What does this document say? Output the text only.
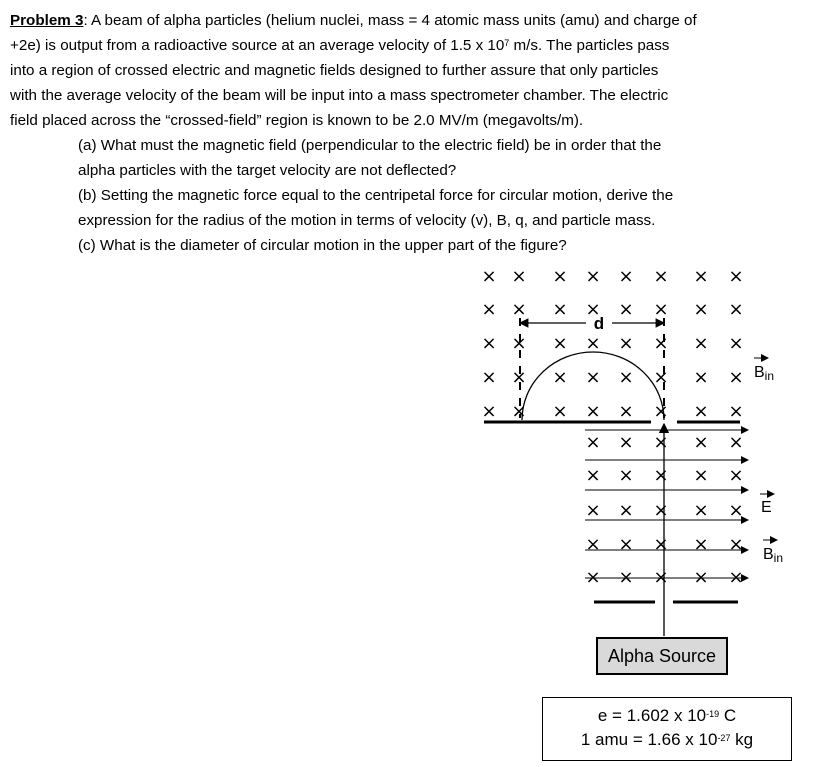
Problem 3: A beam of alpha particles (helium nuclei, mass = 4 atomic mass units (amu) and charge of
+2e) is output from a radioactive source at an average velocity of 1.5 x $10^7$ m/s. The particles pass
into a region of crossed electric and magnetic fields designed to further assure that only particles
with the average velocity of the beam will be input into a mass spectrometer chamber. The electric
field placed across the “crossed-field” region is known to be 2.0 MV/m (megavolts/m).
(a) What must the magnetic field (perpendicular to the electric field) be in order that the
alpha particles with the target velocity are not deflected?
(b) Setting the magnetic force equal to the centripetal force for circular motion, derive the
expression for the radius of the motion in terms of velocity (v), B, q, and particle mass.
(c) What is the diameter of circular motion in the upper part of the figure?
× × × × × × × ×
× × × × × × × ×
× × × × × × × ×
× × × × × × × ×
× × × × × × × ×
× × × × ×
× × × × ×
× × × × ×
× × × × ×
× × × × ×
d
Bin
E
Bin
Alpha Source
e = 1.602 x $10^{-19}$ C
1 amu = 1.66 x $10^{-27}$ kg
